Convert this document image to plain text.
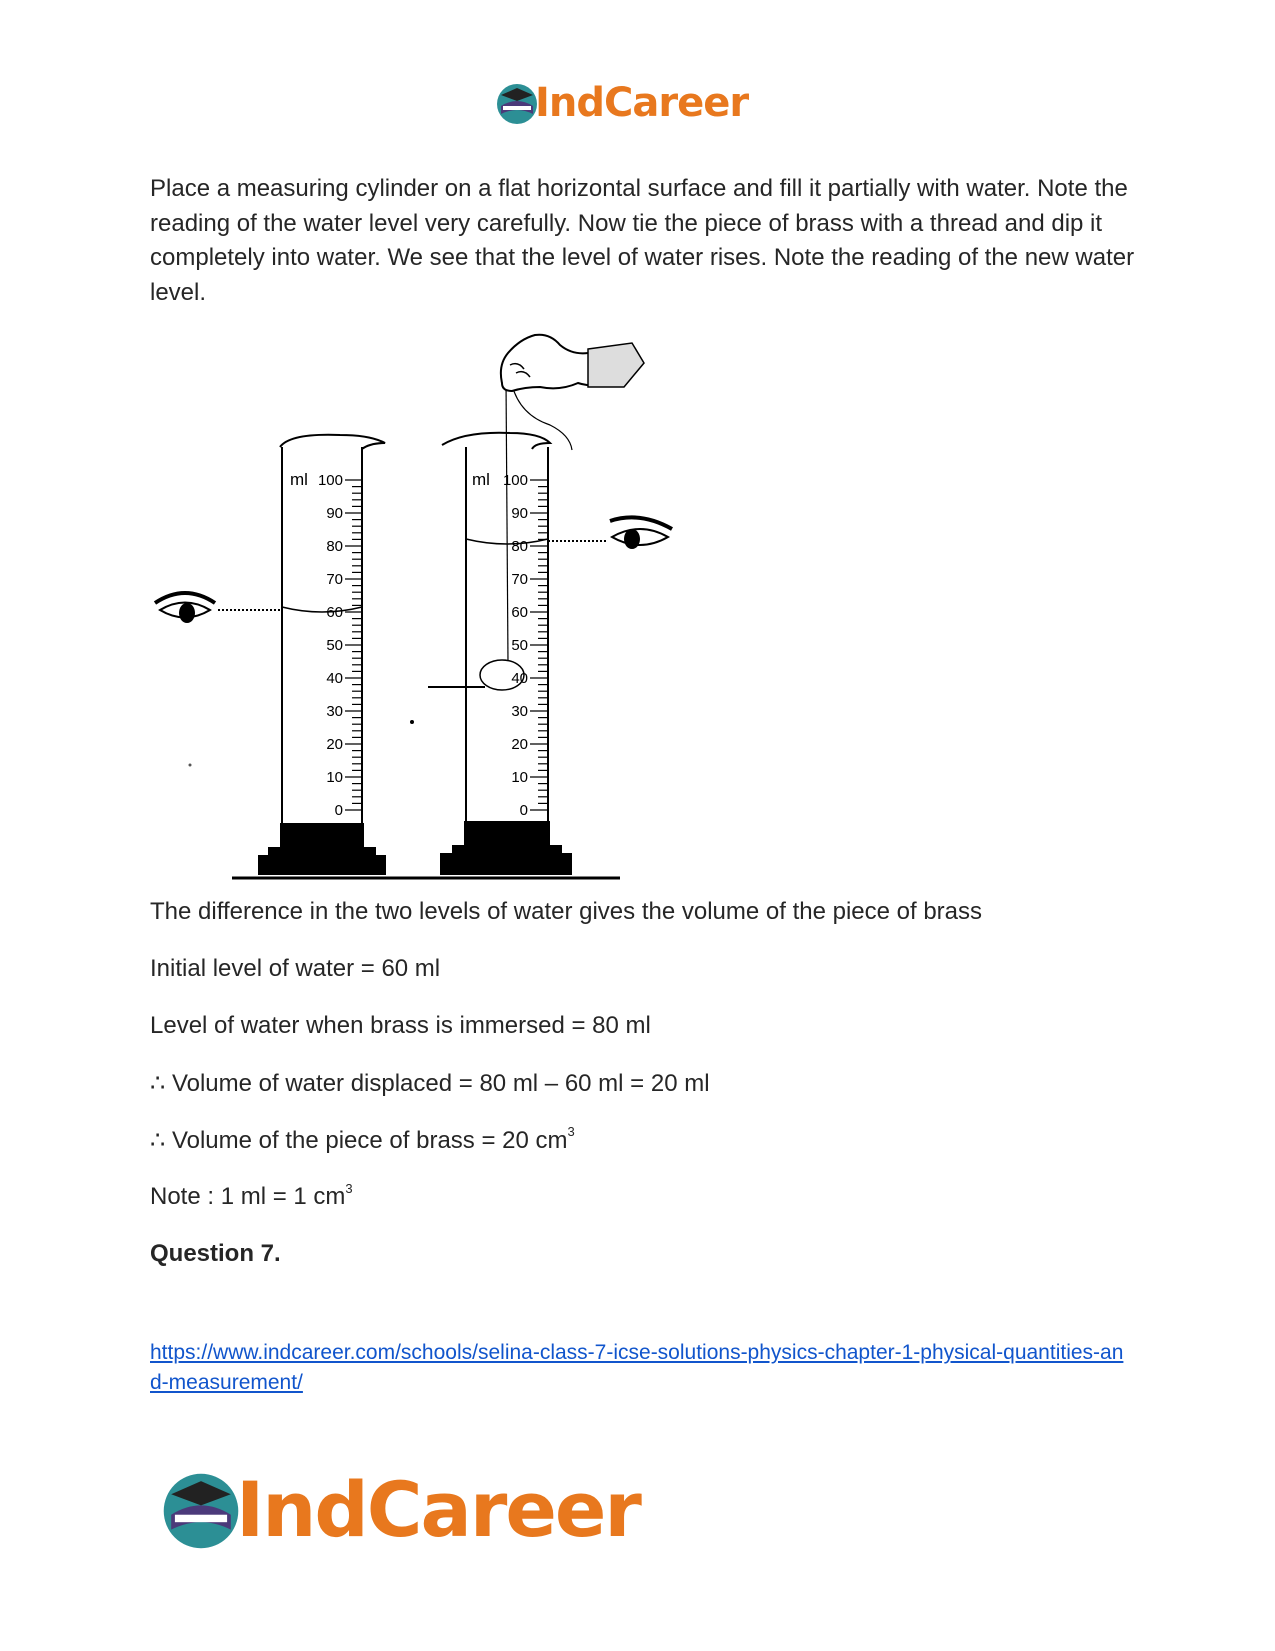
IndCareer
Place a measuring cylinder on a flat horizontal surface and fill it partially with water. Note the reading of the water level very carefully. Now tie the piece of brass with a thread and dip it completely into water. We see that the level of water rises. Note the reading of the new water level.
ml 100
90
80
70
60
50
40
30
20
10
0
ml 100
90
80
70
60
50
40
30
20
10
0
The difference in the two levels of water gives the volume of the piece of brass
Initial level of water = 60 ml
Level of water when brass is immersed = 80 ml
∴ Volume of water displaced = 80 ml – 60 ml = 20 ml
∴ Volume of the piece of brass = 20 $cm^3$
Note : 1 ml = 1 $cm^3$
Question 7.
https://www.indcareer.com/schools/selina-class-7-icse-solutions-physics-chapter-1-physical-quantities-and-measurement/
IndCareer
